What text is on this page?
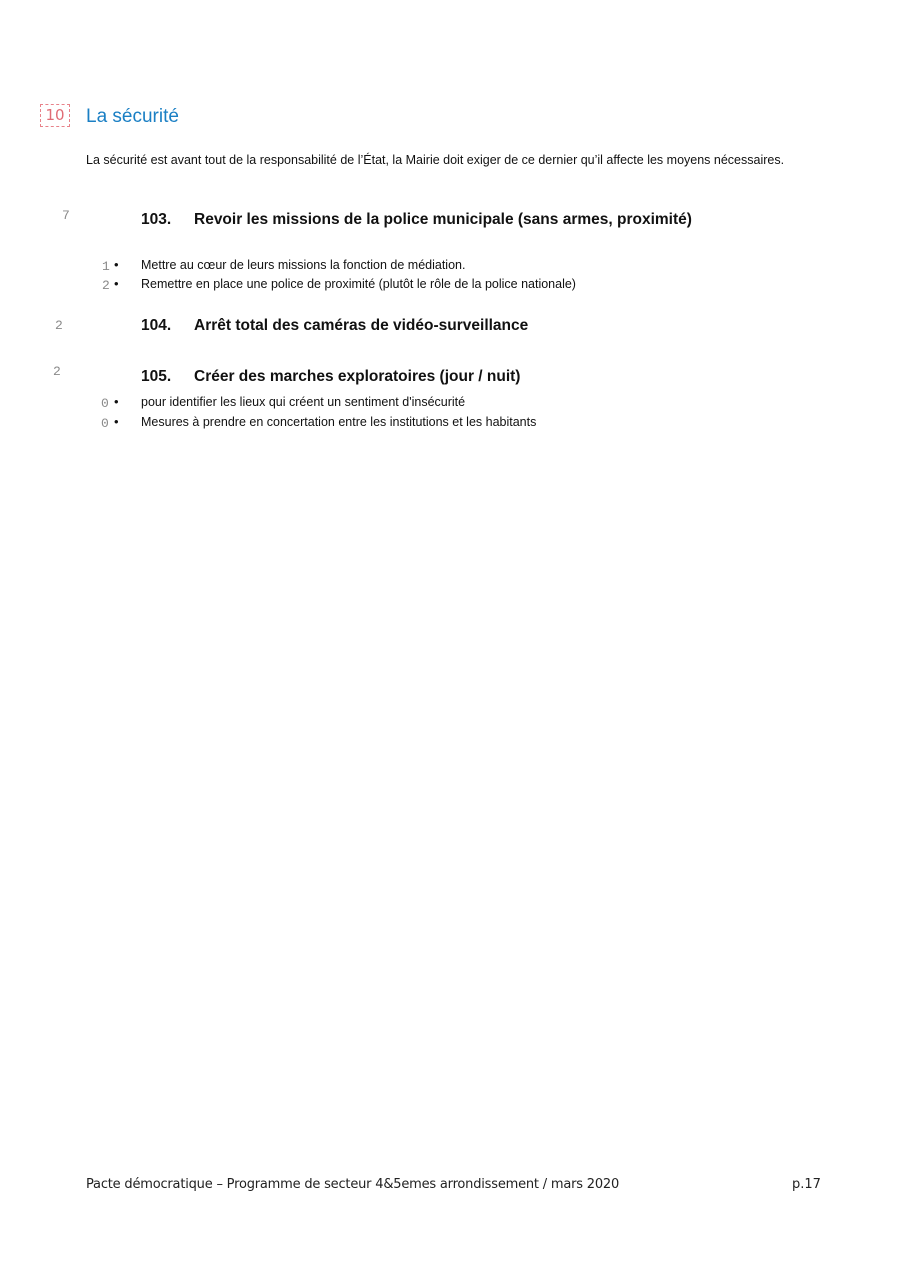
10 La sécurité
La sécurité est avant tout de la responsabilité de l’État, la Mairie doit exiger de ce dernier qu’il affecte les moyens nécessaires.
7	103. Revoir les missions de la police municipale (sans armes, proximité)
1 • Mettre au cœur de leurs missions la fonction de médiation.
2 • Remettre en place une police de proximité (plutôt le rôle de la police nationale)
2	104. Arrêt total des caméras de vidéo-surveillance
2	105. Créer des marches exploratoires (jour / nuit)
0 • pour identifier les lieux qui créent un sentiment d'insécurité
0 • Mesures à prendre en concertation entre les institutions et les habitants
Pacte démocratique – Programme de secteur 4&5emes arrondissement / mars 2020	p.17
